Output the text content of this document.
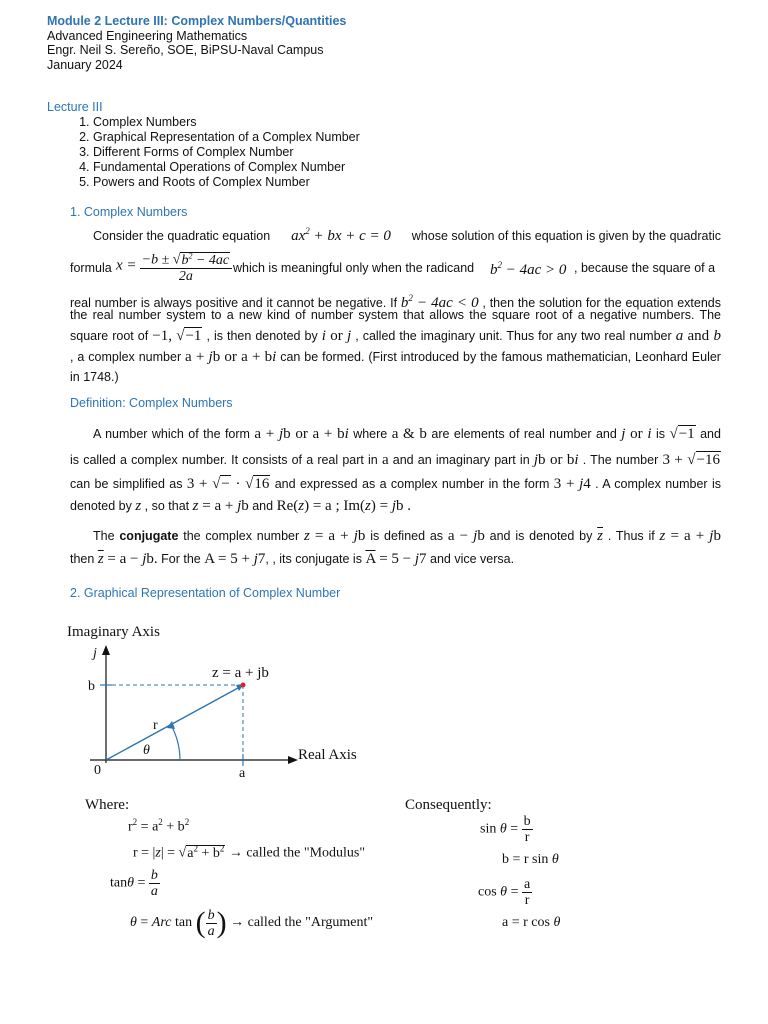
Module 2 Lecture III: Complex Numbers/Quantities
Advanced Engineering Mathematics
Engr. Neil S. Sereño, SOE, BiPSU-Naval Campus
January 2024
Lecture III
1. Complex Numbers
2. Graphical Representation of a Complex Number
3. Different Forms of Complex Number
4. Fundamental Operations of Complex Number
5. Powers and Roots of Complex Number
1. Complex Numbers
Consider the quadratic equation $ax^2$ + bx + c = 0 whose solution of this equation is given by the quadratic
formula $x = \frac{-b \pm √b^2 - 4ac}{2a}$ which is meaningful only when the radicand $b^2 - 4ac > 0$ , because the square of a
real number is always positive and it cannot be negative. If $b^2 - 4ac < 0$ , then the solution for the equation extends
the real number system to a new kind of number system that allows the square root of a negative numbers. The
square root of −1, √−1 , is then denoted by i or j , called the imaginary unit. Thus for any two real number a and b
, a complex number a + jb or a + bi can be formed. (First introduced by the famous mathematician, Leonhard Euler
in 1748.)
Definition: Complex Numbers
A number which of the form a + jb or a + bi where a & b are elements of real number and j or i is √−1 and
is called a complex number. It consists of a real part in a and an imaginary part in jb or bi . The number 3 + √−16
can be simplified as 3 + √− · √16 and expressed as a complex number in the form 3 + j4 . A complex number is
denoted by z , so that z = a + jb and Re(z) = a ; Im(z) = jb .
The conjugate the complex number z = a + jb is defined as a − jb and is denoted by $\overline{z}$ . Thus if z = a + jb
then $\overline{z} = a$ − jb. For the A = 5 + j7, , its conjugate is $\overline{A} = 5 - j7$ and vice versa.
2. Graphical Representation of Complex Number
Imaginary Axis
j
Real Axis
0
b
a
z = a + jb
r
θ
Where:
$r^2 = a^2 + b^2$
$r = |z| = √a^2 + b^2$ → called the "Modulus"
$\tan\theta = \frac{b}{a}$
θ = Arc tan ( $\frac{b}{a}$ ) → called the "Argument"
Consequently:
$\sin \theta = \frac{b}{r}$
b = r sin θ
$\cos \theta = \frac{a}{r}$
a = r cos θ
